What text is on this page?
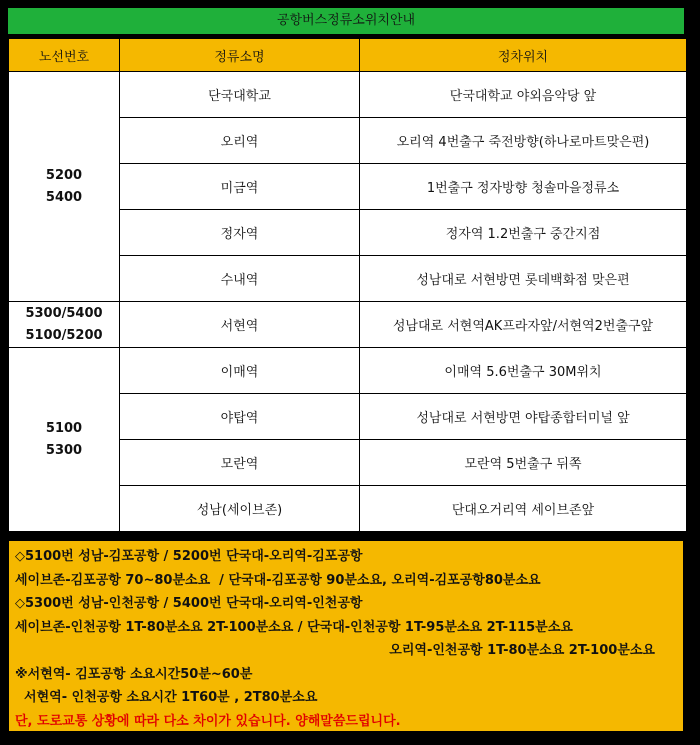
공항버스정류소위치안내
노선번호	정류소명	정차위치

5200
5400	단국대학교	단국대학교 야외음악당 앞
	오리역	오리역 4번출구 죽전방향(하나로마트맞은편)
	미금역	1번출구 정자방향 청솔마을정류소
	정자역	정자역 1.2번출구 중간지점
	수내역	성남대로 서현방면 롯데백화점 맞은편

5300/5400
5100/5200	서현역	성남대로 서현역AK프라자앞/서현역2번출구앞

5100
5300	이매역	이매역 5.6번출구 30M위치
	야탑역	성남대로 서현방면 야탑종합터미널 앞
	모란역	모란역 5번출구 뒤쪽
	성남(세이브존)	단대오거리역 세이브존앞
◇5100번 성남-김포공항 / 5200번 단국대-오리역-김포공항
세이브존-김포공항 70~80분소요  / 단국대-김포공항 90분소요, 오리역-김포공항80분소요
◇5300번 성남-인천공항 / 5400번 단국대-오리역-인천공항
세이브존-인천공항 1T-80분소요 2T-100분소요 / 단국대-인천공항 1T-95분소요 2T-115분소요
오리역-인천공항 1T-80분소요 2T-100분소요
※서현역- 김포공항 소요시간50분~60분
서현역- 인천공항 소요시간 1T60분 , 2T80분소요
단, 도로교통 상황에 따라 다소 차이가 있습니다. 양해말씀드립니다.
